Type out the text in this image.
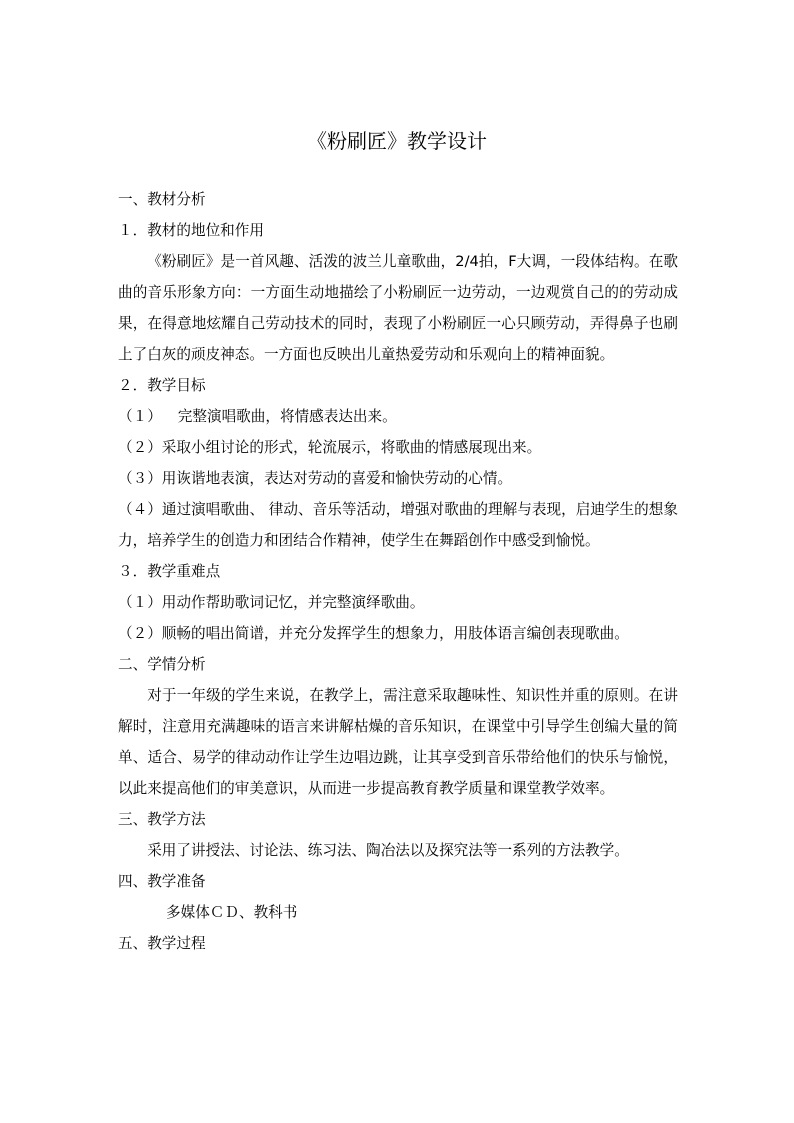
《粉刷匠》教学设计
一、教材分析
１．教材的地位和作用

《粉刷匠》是一首风趣、活泼的波兰儿童歌曲，2/4拍，F大调，一段体结构。在歌曲的音乐形象方向：一方面生动地描绘了小粉刷匠一边劳动，一边观赏自己的的劳动成果，在得意地炫耀自己劳动技术的同时，表现了小粉刷匠一心只顾劳动，弄得鼻子也刷上了白灰的顽皮神态。一方面也反映出儿童热爱劳动和乐观向上的精神面貌。

２．教学目标
（１） 完整演唱歌曲，将情感表达出来。
（２）采取小组讨论的形式，轮流展示，将歌曲的情感展现出来。
（３）用诙谐地表演，表达对劳动的喜爱和愉快劳动的心情。
（４）通过演唱歌曲、 律动、音乐等活动，增强对歌曲的理解与表现，启迪学生的想象力，培养学生的创造力和团结合作精神，使学生在舞蹈创作中感受到愉悦。
３．教学重难点
（１）用动作帮助歌词记忆，并完整演绎歌曲。
（２）顺畅的唱出简谱，并充分发挥学生的想象力，用肢体语言编创表现歌曲。
二、学情分析

对于一年级的学生来说，在教学上，需注意采取趣味性、知识性并重的原则。在讲解时，注意用充满趣味的语言来讲解枯燥的音乐知识，在课堂中引导学生创编大量的简单、适合、易学的律动动作让学生边唱边跳，让其享受到音乐带给他们的快乐与愉悦，以此来提高他们的审美意识，从而进一步提高教育教学质量和课堂教学效率。

三、教学方法

采用了讲授法、讨论法、练习法、陶冶法以及探究法等一系列的方法教学。

四、教学准备
多媒体ＣＤ、教科书
五、教学过程
